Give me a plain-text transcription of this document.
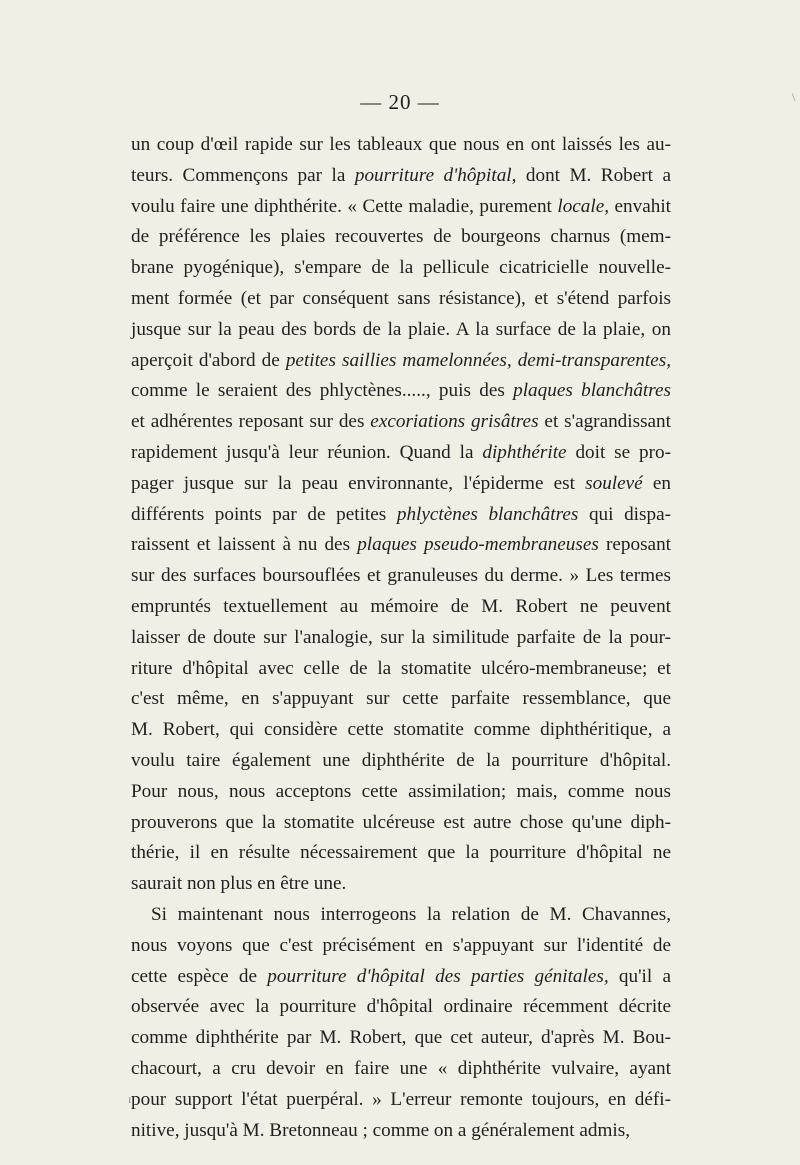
— 20 —
un coup d'œil rapide sur les tableaux que nous en ont laissés les au-
teurs. Commençons par la pourriture d'hôpital, dont M. Robert a
voulu faire une diphthérite. « Cette maladie, purement locale, envahit
de préférence les plaies recouvertes de bourgeons charnus (mem-
brane pyogénique), s'empare de la pellicule cicatricielle nouvelle-
ment formée (et par conséquent sans résistance), et s'étend parfois
jusque sur la peau des bords de la plaie. A la surface de la plaie, on
aperçoit d'abord de petites saillies mamelonnées, demi-transparentes,
comme le seraient des phlyctènes....., puis des plaques blanchâtres
et adhérentes reposant sur des excoriations grisâtres et s'agrandissant
rapidement jusqu'à leur réunion. Quand la diphthérite doit se pro-
pager jusque sur la peau environnante, l'épiderme est soulevé en
différents points par de petites phlyctènes blanchâtres qui dispa-
raissent et laissent à nu des plaques pseudo-membraneuses reposant
sur des surfaces boursouflées et granuleuses du derme. » Les termes
empruntés textuellement au mémoire de M. Robert ne peuvent
laisser de doute sur l'analogie, sur la similitude parfaite de la pour-
riture d'hôpital avec celle de la stomatite ulcéro-membraneuse; et
c'est même, en s'appuyant sur cette parfaite ressemblance, que
M. Robert, qui considère cette stomatite comme diphthéritique, a
voulu taire également une diphthérite de la pourriture d'hôpital.
Pour nous, nous acceptons cette assimilation; mais, comme nous
prouverons que la stomatite ulcéreuse est autre chose qu'une diph-
thérie, il en résulte nécessairement que la pourriture d'hôpital ne
saurait non plus en être une.
Si maintenant nous interrogeons la relation de M. Chavannes,
nous voyons que c'est précisément en s'appuyant sur l'identité de
cette espèce de pourriture d'hôpital des parties génitales, qu'il a
observée avec la pourriture d'hôpital ordinaire récemment décrite
comme diphthérite par M. Robert, que cet auteur, d'après M. Bou-
chacourt, a cru devoir en faire une « diphthérite vulvaire, ayant
pour support l'état puerpéral. » L'erreur remonte toujours, en défi-
nitive, jusqu'à M. Bretonneau ; comme on a généralement admis,
\
ɪ
